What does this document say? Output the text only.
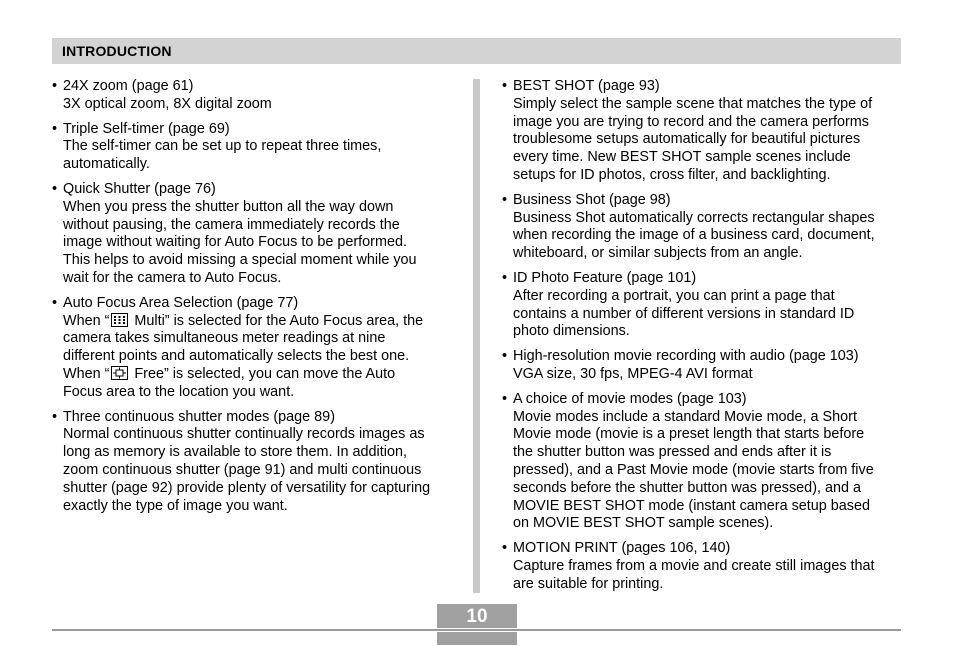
INTRODUCTION
• 24X zoom (page 61)
3X optical zoom, 8X digital zoom
• Triple Self-timer (page 69)
The self-timer can be set up to repeat three times,
automatically.
• Quick Shutter (page 76)
When you press the shutter button all the way down
without pausing, the camera immediately records the
image without waiting for Auto Focus to be performed.
This helps to avoid missing a special moment while you
wait for the camera to Auto Focus.
• Auto Focus Area Selection (page 77)
When “ Multi” is selected for the Auto Focus area, the
camera takes simultaneous meter readings at nine
different points and automatically selects the best one.
When “ Free” is selected, you can move the Auto
Focus area to the location you want.
• Three continuous shutter modes (page 89)
Normal continuous shutter continually records images as
long as memory is available to store them. In addition,
zoom continuous shutter (page 91) and multi continuous
shutter (page 92) provide plenty of versatility for capturing
exactly the type of image you want.
• BEST SHOT (page 93)
Simply select the sample scene that matches the type of
image you are trying to record and the camera performs
troublesome setups automatically for beautiful pictures
every time. New BEST SHOT sample scenes include
setups for ID photos, cross filter, and backlighting.
• Business Shot (page 98)
Business Shot automatically corrects rectangular shapes
when recording the image of a business card, document,
whiteboard, or similar subjects from an angle.
• ID Photo Feature (page 101)
After recording a portrait, you can print a page that
contains a number of different versions in standard ID
photo dimensions.
• High-resolution movie recording with audio (page 103)
VGA size, 30 fps, MPEG-4 AVI format
• A choice of movie modes (page 103)
Movie modes include a standard Movie mode, a Short
Movie mode (movie is a preset length that starts before
the shutter button was pressed and ends after it is
pressed), and a Past Movie mode (movie starts from five
seconds before the shutter button was pressed), and a
MOVIE BEST SHOT mode (instant camera setup based
on MOVIE BEST SHOT sample scenes).
• MOTION PRINT (pages 106, 140)
Capture frames from a movie and create still images that
are suitable for printing.
10
